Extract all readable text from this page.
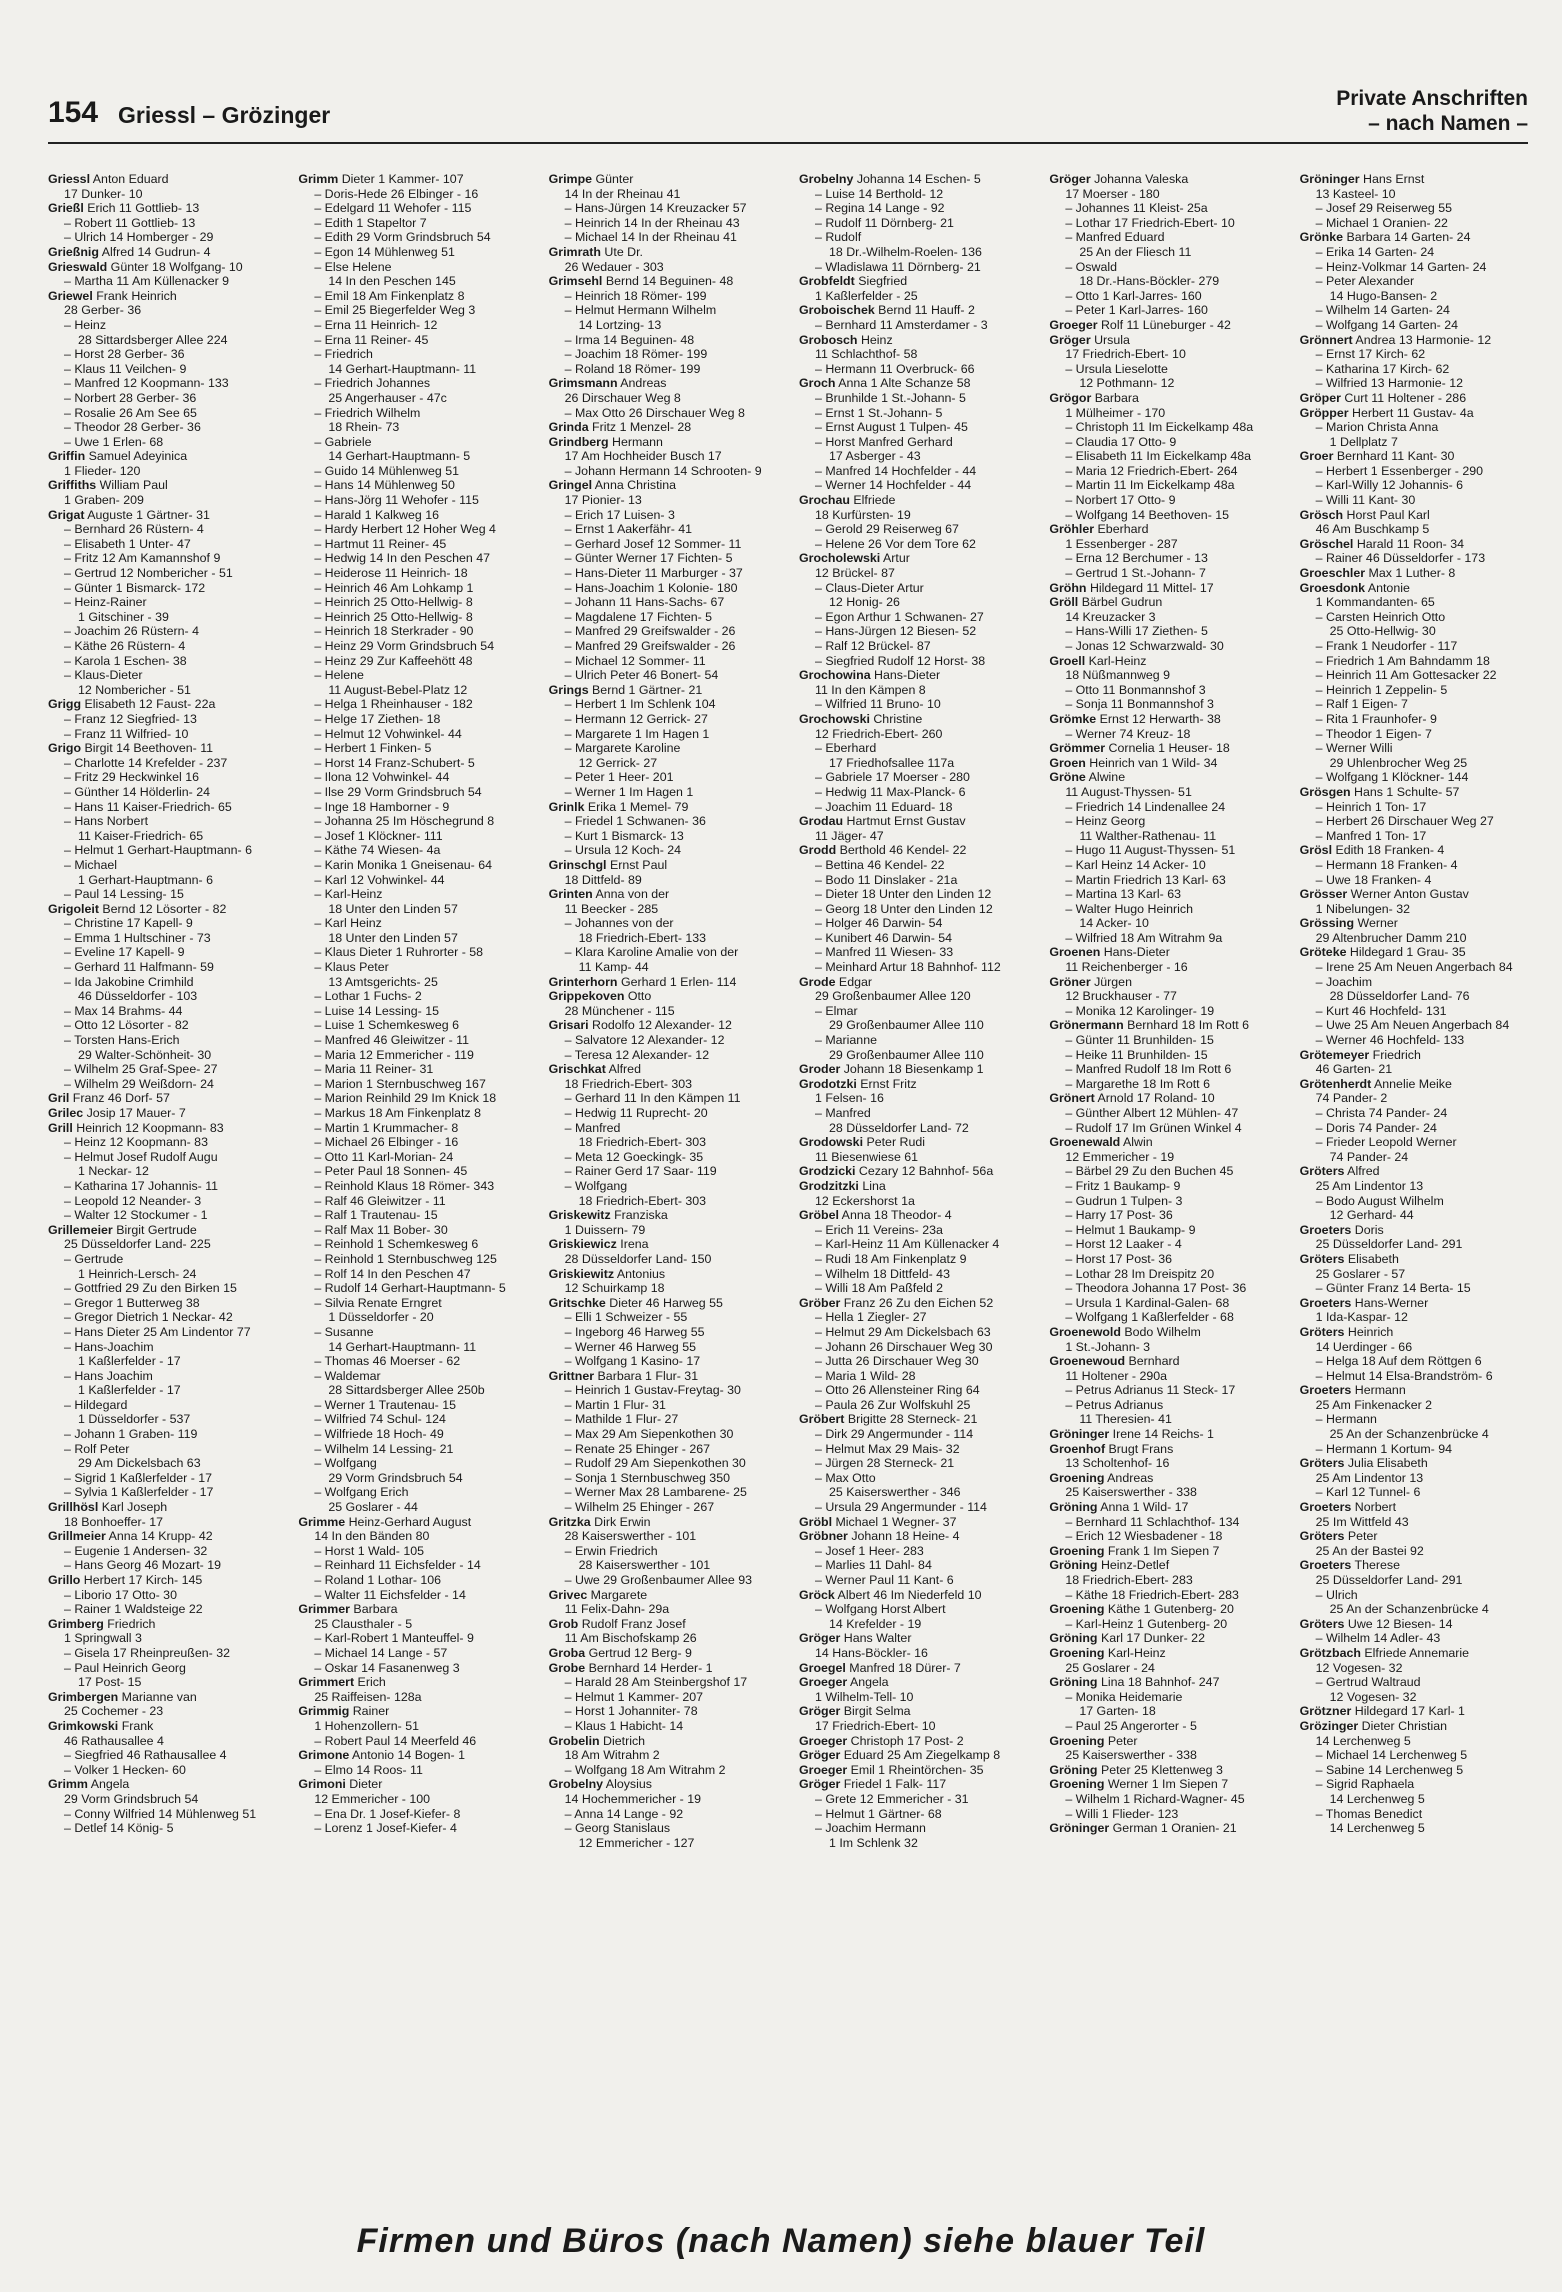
154 Griessl – Grözinger
Private Anschriften
– nach Namen –
Griessl Anton Eduard
17 Dunker- 10
Grießl Erich 11 Gottlieb- 13
– Robert 11 Gottlieb- 13
– Ulrich 14 Homberger - 29
Grießnig Alfred 14 Gudrun- 4
Grieswald Günter 18 Wolfgang- 10
– Martha 11 Am Küllenacker 9
Griewel Frank Heinrich
28 Gerber- 36
– Heinz
28 Sittardsberger Allee 224
– Horst 28 Gerber- 36
– Klaus 11 Veilchen- 9
– Manfred 12 Koopmann- 133
– Norbert 28 Gerber- 36
– Rosalie 26 Am See 65
– Theodor 28 Gerber- 36
– Uwe 1 Erlen- 68
Griffin Samuel Adeyinica
1 Flieder- 120
Griffiths William Paul
1 Graben- 209
Grigat Auguste 1 Gärtner- 31
– Bernhard 26 Rüstern- 4
– Elisabeth 1 Unter- 47
– Fritz 12 Am Kamannshof 9
– Gertrud 12 Nombericher - 51
– Günter 1 Bismarck- 172
– Heinz-Rainer
1 Gitschiner - 39
– Joachim 26 Rüstern- 4
– Käthe 26 Rüstern- 4
– Karola 1 Eschen- 38
– Klaus-Dieter
12 Nombericher - 51
Grigg Elisabeth 12 Faust- 22a
– Franz 12 Siegfried- 13
– Franz 11 Wilfried- 10
Grigo Birgit 14 Beethoven- 11
– Charlotte 14 Krefelder - 237
– Fritz 29 Heckwinkel 16
– Günther 14 Hölderlin- 24
– Hans 11 Kaiser-Friedrich- 65
– Hans Norbert
11 Kaiser-Friedrich- 65
– Helmut 1 Gerhart-Hauptmann- 6
– Michael
1 Gerhart-Hauptmann- 6
– Paul 14 Lessing- 15
Grigoleit Bernd 12 Lösorter - 82
– Christine 17 Kapell- 9
– Emma 1 Hultschiner - 73
– Eveline 17 Kapell- 9
– Gerhard 11 Halfmann- 59
– Ida Jakobine Crimhild
46 Düsseldorfer - 103
– Max 14 Brahms- 44
– Otto 12 Lösorter - 82
– Torsten Hans-Erich
29 Walter-Schönheit- 30
– Wilhelm 25 Graf-Spee- 27
– Wilhelm 29 Weißdorn- 24
Gril Franz 46 Dorf- 57
Grilec Josip 17 Mauer- 7
Grill Heinrich 12 Koopmann- 83
– Heinz 12 Koopmann- 83
– Helmut Josef Rudolf Augu
1 Neckar- 12
– Katharina 17 Johannis- 11
– Leopold 12 Neander- 3
– Walter 12 Stockumer - 1
Grillemeier Birgit Gertrude
25 Düsseldorfer Land- 225
– Gertrude
1 Heinrich-Lersch- 24
– Gottfried 29 Zu den Birken 15
– Gregor 1 Butterweg 38
– Gregor Dietrich 1 Neckar- 42
– Hans Dieter 25 Am Lindentor 77
– Hans-Joachim
1 Kaßlerfelder - 17
– Hans Joachim
1 Kaßlerfelder - 17
– Hildegard
1 Düsseldorfer - 537
– Johann 1 Graben- 119
– Rolf Peter
29 Am Dickelsbach 63
– Sigrid 1 Kaßlerfelder - 17
– Sylvia 1 Kaßlerfelder - 17
Grillhösl Karl Joseph
18 Bonhoeffer- 17
Grillmeier Anna 14 Krupp- 42
– Eugenie 1 Andersen- 32
– Hans Georg 46 Mozart- 19
Grillo Herbert 17 Kirch- 145
– Liborio 17 Otto- 30
– Rainer 1 Waldsteige 22
Grimberg Friedrich
1 Springwall 3
– Gisela 17 Rheinpreußen- 32
– Paul Heinrich Georg
17 Post- 15
Grimbergen Marianne van
25 Cochemer - 23
Grimkowski Frank
46 Rathausallee 4
– Siegfried 46 Rathausallee 4
– Volker 1 Hecken- 60
Grimm Angela
29 Vorm Grindsbruch 54
– Conny Wilfried 14 Mühlenweg 51
– Detlef 14 König- 5
Grimm Dieter 1 Kammer- 107
– Doris-Hede 26 Elbinger - 16
– Edelgard 11 Wehofer - 115
– Edith 1 Stapeltor 7
– Edith 29 Vorm Grindsbruch 54
– Egon 14 Mühlenweg 51
– Else Helene
14 In den Peschen 145
– Emil 18 Am Finkenplatz 8
– Emil 25 Biegerfelder Weg 3
– Erna 11 Heinrich- 12
– Erna 11 Reiner- 45
– Friedrich
14 Gerhart-Hauptmann- 11
– Friedrich Johannes
25 Angerhauser - 47c
– Friedrich Wilhelm
18 Rhein- 73
– Gabriele
14 Gerhart-Hauptmann- 5
– Guido 14 Mühlenweg 51
– Hans 14 Mühlenweg 50
– Hans-Jörg 11 Wehofer - 115
– Harald 1 Kalkweg 16
– Hardy Herbert 12 Hoher Weg 4
– Hartmut 11 Reiner- 45
– Hedwig 14 In den Peschen 47
– Heiderose 11 Heinrich- 18
– Heinrich 46 Am Lohkamp 1
– Heinrich 25 Otto-Hellwig- 8
– Heinrich 25 Otto-Hellwig- 8
– Heinrich 18 Sterkrader - 90
– Heinz 29 Vorm Grindsbruch 54
– Heinz 29 Zur Kaffeehött 48
– Helene
11 August-Bebel-Platz 12
– Helga 1 Rheinhauser - 182
– Helge 17 Ziethen- 18
– Helmut 12 Vohwinkel- 44
– Herbert 1 Finken- 5
– Horst 14 Franz-Schubert- 5
– Ilona 12 Vohwinkel- 44
– Ilse 29 Vorm Grindsbruch 54
– Inge 18 Hamborner - 9
– Johanna 25 Im Höschegrund 8
– Josef 1 Klöckner- 111
– Käthe 74 Wiesen- 4a
– Karin Monika 1 Gneisenau- 64
– Karl 12 Vohwinkel- 44
– Karl-Heinz
18 Unter den Linden 57
– Karl Heinz
18 Unter den Linden 57
– Klaus Dieter 1 Ruhrorter - 58
– Klaus Peter
13 Amtsgerichts- 25
– Lothar 1 Fuchs- 2
– Luise 14 Lessing- 15
– Luise 1 Schemkesweg 6
– Manfred 46 Gleiwitzer - 11
– Maria 12 Emmericher - 119
– Maria 11 Reiner- 31
– Marion 1 Sternbuschweg 167
– Marion Reinhild 29 Im Knick 18
– Markus 18 Am Finkenplatz 8
– Martin 1 Krummacher- 8
– Michael 26 Elbinger - 16
– Otto 11 Karl-Morian- 24
– Peter Paul 18 Sonnen- 45
– Reinhold Klaus 18 Römer- 343
– Ralf 46 Gleiwitzer - 11
– Ralf 1 Trautenau- 15
– Ralf Max 11 Bober- 30
– Reinhold 1 Schemkesweg 6
– Reinhold 1 Sternbuschweg 125
– Rolf 14 In den Peschen 47
– Rudolf 14 Gerhart-Hauptmann- 5
– Silvia Renate Erngret
1 Düsseldorfer - 20
– Susanne
14 Gerhart-Hauptmann- 11
– Thomas 46 Moerser - 62
– Waldemar
28 Sittardsberger Allee 250b
– Werner 1 Trautenau- 15
– Wilfried 74 Schul- 124
– Wilfriede 18 Hoch- 49
– Wilhelm 14 Lessing- 21
– Wolfgang
29 Vorm Grindsbruch 54
– Wolfgang Erich
25 Goslarer - 44
Grimme Heinz-Gerhard August
14 In den Bänden 80
– Horst 1 Wald- 105
– Reinhard 11 Eichsfelder - 14
– Roland 1 Lothar- 106
– Walter 11 Eichsfelder - 14
Grimmer Barbara
25 Clausthaler - 5
– Karl-Robert 1 Manteuffel- 9
– Michael 14 Lange - 57
– Oskar 14 Fasanenweg 3
Grimmert Erich
25 Raiffeisen- 128a
Grimmig Rainer
1 Hohenzollern- 51
– Robert Paul 14 Meerfeld 46
Grimone Antonio 14 Bogen- 1
– Elmo 14 Roos- 11
Grimoni Dieter
12 Emmericher - 100
– Ena Dr. 1 Josef-Kiefer- 8
– Lorenz 1 Josef-Kiefer- 4
Grimpe Günter
14 In der Rheinau 41
– Hans-Jürgen 14 Kreuzacker 57
– Heinrich 14 In der Rheinau 43
– Michael 14 In der Rheinau 41
Grimrath Ute Dr.
26 Wedauer - 303
Grimsehl Bernd 14 Beguinen- 48
– Heinrich 18 Römer- 199
– Helmut Hermann Wilhelm
14 Lortzing- 13
– Irma 14 Beguinen- 48
– Joachim 18 Römer- 199
– Roland 18 Römer- 199
Grimsmann Andreas
26 Dirschauer Weg 8
– Max Otto 26 Dirschauer Weg 8
Grinda Fritz 1 Menzel- 28
Grindberg Hermann
17 Am Hochheider Busch 17
– Johann Hermann 14 Schrooten- 9
Gringel Anna Christina
17 Pionier- 13
– Erich 17 Luisen- 3
– Ernst 1 Aakerfähr- 41
– Gerhard Josef 12 Sommer- 11
– Günter Werner 17 Fichten- 5
– Hans-Dieter 11 Marburger - 37
– Hans-Joachim 1 Kolonie- 180
– Johann 11 Hans-Sachs- 67
– Magdalene 17 Fichten- 5
– Manfred 29 Greifswalder - 26
– Manfred 29 Greifswalder - 26
– Michael 12 Sommer- 11
– Ulrich Peter 46 Bonert- 54
Grings Bernd 1 Gärtner- 21
– Herbert 1 Im Schlenk 104
– Hermann 12 Gerrick- 27
– Margarete 1 Im Hagen 1
– Margarete Karoline
12 Gerrick- 27
– Peter 1 Heer- 201
– Werner 1 Im Hagen 1
Grinlk Erika 1 Memel- 79
– Friedel 1 Schwanen- 36
– Kurt 1 Bismarck- 13
– Ursula 12 Koch- 24
Grinschgl Ernst Paul
18 Dittfeld- 89
Grinten Anna von der
11 Beecker - 285
– Johannes von der
18 Friedrich-Ebert- 133
– Klara Karoline Amalie von der
11 Kamp- 44
Grinterhorn Gerhard 1 Erlen- 114
Grippekoven Otto
28 Münchener - 115
Grisari Rodolfo 12 Alexander- 12
– Salvatore 12 Alexander- 12
– Teresa 12 Alexander- 12
Grischkat Alfred
18 Friedrich-Ebert- 303
– Gerhard 11 In den Kämpen 11
– Hedwig 11 Ruprecht- 20
– Manfred
18 Friedrich-Ebert- 303
– Meta 12 Goeckingk- 35
– Rainer Gerd 17 Saar- 119
– Wolfgang
18 Friedrich-Ebert- 303
Griskewitz Franziska
1 Duissern- 79
Griskiewicz Irena
28 Düsseldorfer Land- 150
Griskiewitz Antonius
12 Schuirkamp 18
Gritschke Dieter 46 Harweg 55
– Elli 1 Schweizer - 55
– Ingeborg 46 Harweg 55
– Werner 46 Harweg 55
– Wolfgang 1 Kasino- 17
Grittner Barbara 1 Flur- 31
– Heinrich 1 Gustav-Freytag- 30
– Martin 1 Flur- 31
– Mathilde 1 Flur- 27
– Max 29 Am Siepenkothen 30
– Renate 25 Ehinger - 267
– Rudolf 29 Am Siepenkothen 30
– Sonja 1 Sternbuschweg 350
– Werner Max 28 Lambarene- 25
– Wilhelm 25 Ehinger - 267
Gritzka Dirk Erwin
28 Kaiserswerther - 101
– Erwin Friedrich
28 Kaiserswerther - 101
– Uwe 29 Großenbaumer Allee 93
Grivec Margarete
11 Felix-Dahn- 29a
Grob Rudolf Franz Josef
11 Am Bischofskamp 26
Groba Gertrud 12 Berg- 9
Grobe Bernhard 14 Herder- 1
– Harald 28 Am Steinbergshof 17
– Helmut 1 Kammer- 207
– Horst 1 Johanniter- 78
– Klaus 1 Habicht- 14
Grobelin Dietrich
18 Am Witrahm 2
– Wolfgang 18 Am Witrahm 2
Grobelny Aloysius
14 Hochemmericher - 19
– Anna 14 Lange - 92
– Georg Stanislaus
12 Emmericher - 127
Grobelny Johanna 14 Eschen- 5
– Luise 14 Berthold- 12
– Regina 14 Lange - 92
– Rudolf 11 Dörnberg- 21
– Rudolf
18 Dr.-Wilhelm-Roelen- 136
– Wladislawa 11 Dörnberg- 21
Grobfeldt Siegfried
1 Kaßlerfelder - 25
Groboischek Bernd 11 Hauff- 2
– Bernhard 11 Amsterdamer - 3
Grobosch Heinz
11 Schlachthof- 58
– Hermann 11 Overbruck- 66
Groch Anna 1 Alte Schanze 58
– Brunhilde 1 St.-Johann- 5
– Ernst 1 St.-Johann- 5
– Ernst August 1 Tulpen- 45
– Horst Manfred Gerhard
17 Asberger - 43
– Manfred 14 Hochfelder - 44
– Werner 14 Hochfelder - 44
Grochau Elfriede
18 Kurfürsten- 19
– Gerold 29 Reiserweg 67
– Helene 26 Vor dem Tore 62
Grocholewski Artur
12 Brückel- 87
– Claus-Dieter Artur
12 Honig- 26
– Egon Arthur 1 Schwanen- 27
– Hans-Jürgen 12 Biesen- 52
– Ralf 12 Brückel- 87
– Siegfried Rudolf 12 Horst- 38
Grochowina Hans-Dieter
11 In den Kämpen 8
– Wilfried 11 Bruno- 10
Grochowski Christine
12 Friedrich-Ebert- 260
– Eberhard
17 Friedhofsallee 117a
– Gabriele 17 Moerser - 280
– Hedwig 11 Max-Planck- 6
– Joachim 11 Eduard- 18
Grodau Hartmut Ernst Gustav
11 Jäger- 47
Grodd Berthold 46 Kendel- 22
– Bettina 46 Kendel- 22
– Bodo 11 Dinslaker - 21a
– Dieter 18 Unter den Linden 12
– Georg 18 Unter den Linden 12
– Holger 46 Darwin- 54
– Kunibert 46 Darwin- 54
– Manfred 11 Wiesen- 33
– Meinhard Artur 18 Bahnhof- 112
Grode Edgar
29 Großenbaumer Allee 120
– Elmar
29 Großenbaumer Allee 110
– Marianne
29 Großenbaumer Allee 110
Groder Johann 18 Biesenkamp 1
Grodotzki Ernst Fritz
1 Felsen- 16
– Manfred
28 Düsseldorfer Land- 72
Grodowski Peter Rudi
11 Biesenwiese 61
Grodzicki Cezary 12 Bahnhof- 56a
Grodzitzki Lina
12 Eckershorst 1a
Gröbel Anna 18 Theodor- 4
– Erich 11 Vereins- 23a
– Karl-Heinz 11 Am Küllenacker 4
– Rudi 18 Am Finkenplatz 9
– Wilhelm 18 Dittfeld- 43
– Willi 18 Am Paßfeld 2
Gröber Franz 26 Zu den Eichen 52
– Hella 1 Ziegler- 27
– Helmut 29 Am Dickelsbach 63
– Johann 26 Dirschauer Weg 30
– Jutta 26 Dirschauer Weg 30
– Maria 1 Wild- 28
– Otto 26 Allensteiner Ring 64
– Paula 26 Zur Wolfskuhl 25
Gröbert Brigitte 28 Sterneck- 21
– Dirk 29 Angermunder - 114
– Helmut Max 29 Mais- 32
– Jürgen 28 Sterneck- 21
– Max Otto
25 Kaiserswerther - 346
– Ursula 29 Angermunder - 114
Gröbl Michael 1 Wegner- 37
Gröbner Johann 18 Heine- 4
– Josef 1 Heer- 283
– Marlies 11 Dahl- 84
– Werner Paul 11 Kant- 6
Gröck Albert 46 Im Niederfeld 10
– Wolfgang Horst Albert
14 Krefelder - 19
Gröger Hans Walter
14 Hans-Böckler- 16
Groegel Manfred 18 Dürer- 7
Groeger Angela
1 Wilhelm-Tell- 10
Gröger Birgit Selma
17 Friedrich-Ebert- 10
Groeger Christoph 17 Post- 2
Gröger Eduard 25 Am Ziegelkamp 8
Groeger Emil 1 Rheintörchen- 35
Gröger Friedel 1 Falk- 117
– Grete 12 Emmericher - 31
– Helmut 1 Gärtner- 68
– Joachim Hermann
1 Im Schlenk 32
Gröger Johanna Valeska
17 Moerser - 180
– Johannes 11 Kleist- 25a
– Lothar 17 Friedrich-Ebert- 10
– Manfred Eduard
25 An der Fliesch 11
– Oswald
18 Dr.-Hans-Böckler- 279
– Otto 1 Karl-Jarres- 160
– Peter 1 Karl-Jarres- 160
Groeger Rolf 11 Lüneburger - 42
Gröger Ursula
17 Friedrich-Ebert- 10
– Ursula Lieselotte
12 Pothmann- 12
Grögor Barbara
1 Mülheimer - 170
– Christoph 11 Im Eickelkamp 48a
– Claudia 17 Otto- 9
– Elisabeth 11 Im Eickelkamp 48a
– Maria 12 Friedrich-Ebert- 264
– Martin 11 Im Eickelkamp 48a
– Norbert 17 Otto- 9
– Wolfgang 14 Beethoven- 15
Gröhler Eberhard
1 Essenberger - 287
– Erna 12 Berchumer - 13
– Gertrud 1 St.-Johann- 7
Gröhn Hildegard 11 Mittel- 17
Gröll Bärbel Gudrun
14 Kreuzacker 3
– Hans-Willi 17 Ziethen- 5
– Jonas 12 Schwarzwald- 30
Groell Karl-Heinz
18 Nüßmannweg 9
– Otto 11 Bonmannshof 3
– Sonja 11 Bonmannshof 3
Grömke Ernst 12 Herwarth- 38
– Werner 74 Kreuz- 18
Grömmer Cornelia 1 Heuser- 18
Groen Heinrich van 1 Wild- 34
Gröne Alwine
11 August-Thyssen- 51
– Friedrich 14 Lindenallee 24
– Heinz Georg
11 Walther-Rathenau- 11
– Hugo 11 August-Thyssen- 51
– Karl Heinz 14 Acker- 10
– Martin Friedrich 13 Karl- 63
– Martina 13 Karl- 63
– Walter Hugo Heinrich
14 Acker- 10
– Wilfried 18 Am Witrahm 9a
Groenen Hans-Dieter
11 Reichenberger - 16
Gröner Jürgen
12 Bruckhauser - 77
– Monika 12 Karolinger- 19
Grönermann Bernhard 18 Im Rott 6
– Günter 11 Brunhilden- 15
– Heike 11 Brunhilden- 15
– Manfred Rudolf 18 Im Rott 6
– Margarethe 18 Im Rott 6
Grönert Arnold 17 Roland- 10
– Günther Albert 12 Mühlen- 47
– Rudolf 17 Im Grünen Winkel 4
Groenewald Alwin
12 Emmericher - 19
– Bärbel 29 Zu den Buchen 45
– Fritz 1 Baukamp- 9
– Gudrun 1 Tulpen- 3
– Harry 17 Post- 36
– Helmut 1 Baukamp- 9
– Horst 12 Laaker - 4
– Horst 17 Post- 36
– Lothar 28 Im Dreispitz 20
– Theodora Johanna 17 Post- 36
– Ursula 1 Kardinal-Galen- 68
– Wolfgang 1 Kaßlerfelder - 68
Groenewold Bodo Wilhelm
1 St.-Johann- 3
Groenewoud Bernhard
11 Holtener - 290a
– Petrus Adrianus 11 Steck- 17
– Petrus Adrianus
11 Theresien- 41
Gröninger Irene 14 Reichs- 1
Groenhof Brugt Frans
13 Scholtenhof- 16
Groening Andreas
25 Kaiserswerther - 338
Gröning Anna 1 Wild- 17
– Bernhard 11 Schlachthof- 134
– Erich 12 Wiesbadener - 18
Groening Frank 1 Im Siepen 7
Gröning Heinz-Detlef
18 Friedrich-Ebert- 283
– Käthe 18 Friedrich-Ebert- 283
Groening Käthe 1 Gutenberg- 20
– Karl-Heinz 1 Gutenberg- 20
Gröning Karl 17 Dunker- 22
Groening Karl-Heinz
25 Goslarer - 24
Gröning Lina 18 Bahnhof- 247
– Monika Heidemarie
17 Garten- 18
– Paul 25 Angerorter - 5
Groening Peter
25 Kaiserswerther - 338
Gröning Peter 25 Klettenweg 3
Groening Werner 1 Im Siepen 7
– Wilhelm 1 Richard-Wagner- 45
– Willi 1 Flieder- 123
Gröninger German 1 Oranien- 21
Gröninger Hans Ernst
13 Kasteel- 10
– Josef 29 Reiserweg 55
– Michael 1 Oranien- 22
Grönke Barbara 14 Garten- 24
– Erika 14 Garten- 24
– Heinz-Volkmar 14 Garten- 24
– Peter Alexander
14 Hugo-Bansen- 2
– Wilhelm 14 Garten- 24
– Wolfgang 14 Garten- 24
Grönnert Andrea 13 Harmonie- 12
– Ernst 17 Kirch- 62
– Katharina 17 Kirch- 62
– Wilfried 13 Harmonie- 12
Gröper Curt 11 Holtener - 286
Gröpper Herbert 11 Gustav- 4a
– Marion Christa Anna
1 Dellplatz 7
Groer Bernhard 11 Kant- 30
– Herbert 1 Essenberger - 290
– Karl-Willy 12 Johannis- 6
– Willi 11 Kant- 30
Grösch Horst Paul Karl
46 Am Buschkamp 5
Gröschel Harald 11 Roon- 34
– Rainer 46 Düsseldorfer - 173
Groeschler Max 1 Luther- 8
Groesdonk Antonie
1 Kommandanten- 65
– Carsten Heinrich Otto
25 Otto-Hellwig- 30
– Frank 1 Neudorfer - 117
– Friedrich 1 Am Bahndamm 18
– Heinrich 11 Am Gottesacker 22
– Heinrich 1 Zeppelin- 5
– Ralf 1 Eigen- 7
– Rita 1 Fraunhofer- 9
– Theodor 1 Eigen- 7
– Werner Willi
29 Uhlenbrocher Weg 25
– Wolfgang 1 Klöckner- 144
Grösgen Hans 1 Schulte- 57
– Heinrich 1 Ton- 17
– Herbert 26 Dirschauer Weg 27
– Manfred 1 Ton- 17
Grösl Edith 18 Franken- 4
– Hermann 18 Franken- 4
– Uwe 18 Franken- 4
Grösser Werner Anton Gustav
1 Nibelungen- 32
Grössing Werner
29 Altenbrucher Damm 210
Gröteke Hildegard 1 Grau- 35
– Irene 25 Am Neuen Angerbach 84
– Joachim
28 Düsseldorfer Land- 76
– Kurt 46 Hochfeld- 131
– Uwe 25 Am Neuen Angerbach 84
– Werner 46 Hochfeld- 133
Grötemeyer Friedrich
46 Garten- 21
Grötenherdt Annelie Meike
74 Pander- 2
– Christa 74 Pander- 24
– Doris 74 Pander- 24
– Frieder Leopold Werner
74 Pander- 24
Gröters Alfred
25 Am Lindentor 13
– Bodo August Wilhelm
12 Gerhard- 44
Groeters Doris
25 Düsseldorfer Land- 291
Gröters Elisabeth
25 Goslarer - 57
– Günter Franz 14 Berta- 15
Groeters Hans-Werner
1 Ida-Kaspar- 12
Gröters Heinrich
14 Uerdinger - 66
– Helga 18 Auf dem Röttgen 6
– Helmut 14 Elsa-Brandström- 6
Groeters Hermann
25 Am Finkenacker 2
– Hermann
25 An der Schanzenbrücke 4
– Hermann 1 Kortum- 94
Gröters Julia Elisabeth
25 Am Lindentor 13
– Karl 12 Tunnel- 6
Groeters Norbert
25 Im Wittfeld 43
Gröters Peter
25 An der Bastei 92
Groeters Therese
25 Düsseldorfer Land- 291
– Ulrich
25 An der Schanzenbrücke 4
Gröters Uwe 12 Biesen- 14
– Wilhelm 14 Adler- 43
Grötzbach Elfriede Annemarie
12 Vogesen- 32
– Gertrud Waltraud
12 Vogesen- 32
Grötzner Hildegard 17 Karl- 1
Grözinger Dieter Christian
14 Lerchenweg 5
– Michael 14 Lerchenweg 5
– Sabine 14 Lerchenweg 5
– Sigrid Raphaela
14 Lerchenweg 5
– Thomas Benedict
14 Lerchenweg 5
Firmen und Büros (nach Namen) siehe blauer Teil
